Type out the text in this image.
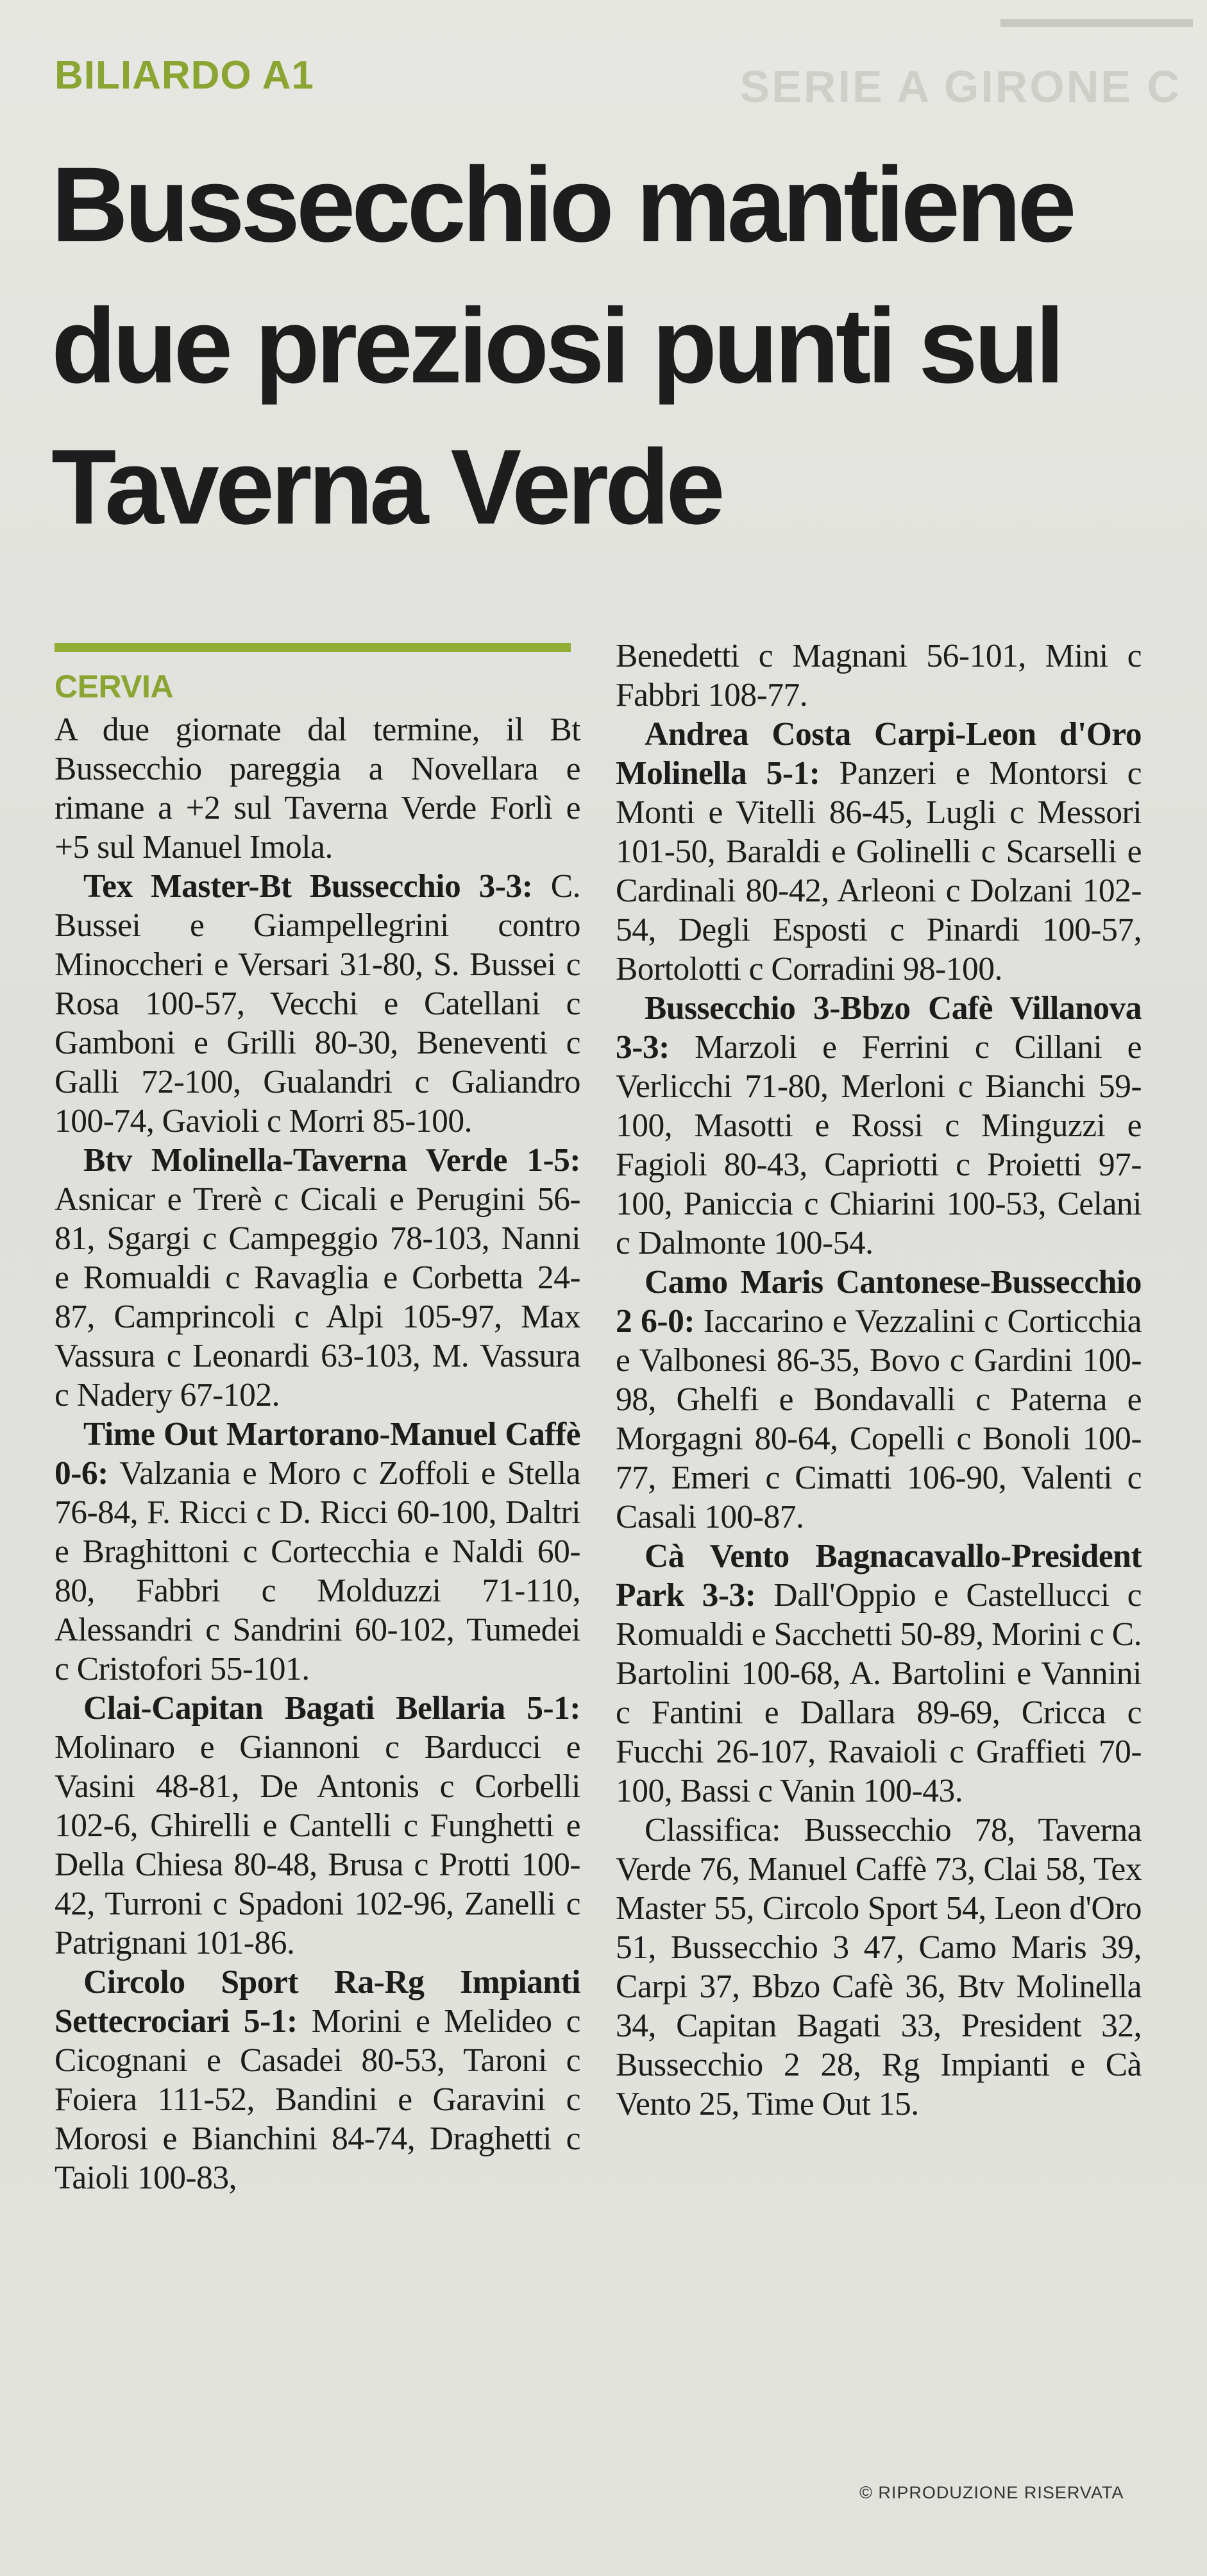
SERIE A GIRONE C
BILIARDO A1
Bussecchio mantiene due preziosi punti sul Taverna Verde
CERVIA

A due giornate dal termine, il Bt Bussecchio pareggia a Novellara e rimane a +2 sul Taverna Verde Forlì e +5 sul Manuel Imola.

Tex Master-Bt Bussecchio 3-3: C. Bussei e Giampellegrini contro Minoccheri e Versari 31-80, S. Bussei c Rosa 100-57, Vecchi e Catellani c Gamboni e Grilli 80-30, Beneventi c Galli 72-100, Gualandri c Galiandro 100-74, Gavioli c Morri 85-100.

Btv Molinella-Taverna Verde 1-5: Asnicar e Trerè c Cicali e Perugini 56-81, Sgargi c Campeggio 78-103, Nanni e Romualdi c Ravaglia e Corbetta 24-87, Camprincoli c Alpi 105-97, Max Vassura c Leonardi 63-103, M. Vassura c Nadery 67-102.

Time Out Martorano-Manuel Caffè 0-6: Valzania e Moro c Zoffoli e Stella 76-84, F. Ricci c D. Ricci 60-100, Daltri e Braghittoni c Cortecchia e Naldi 60-80, Fabbri c Molduzzi 71-110, Alessandri c Sandrini 60-102, Tumedei c Cristofori 55-101.

Clai-Capitan Bagati Bellaria 5-1: Molinaro e Giannoni c Barducci e Vasini 48-81, De Antonis c Corbelli 102-6, Ghirelli e Cantelli c Funghetti e Della Chiesa 80-48, Brusa c Protti 100-42, Turroni c Spadoni 102-96, Zanelli c Patrignani 101-86.

Circolo Sport Ra-Rg Impianti Settecrociari 5-1: Morini e Melideo c Cicognani e Casadei 80-53, Taroni c Foiera 111-52, Bandini e Garavini c Morosi e Bianchini 84-74, Draghetti c Taioli 100-83,

Benedetti c Magnani 56-101, Mini c Fabbri 108-77.

Andrea Costa Carpi-Leon d'Oro Molinella 5-1: Panzeri e Montorsi c Monti e Vitelli 86-45, Lugli c Messori 101-50, Baraldi e Golinelli c Scarselli e Cardinali 80-42, Arleoni c Dolzani 102-54, Degli Esposti c Pinardi 100-57, Bortolotti c Corradini 98-100.

Bussecchio 3-Bbzo Cafè Villanova 3-3: Marzoli e Ferrini c Cillani e Verlicchi 71-80, Merloni c Bianchi 59-100, Masotti e Rossi c Minguzzi e Fagioli 80-43, Capriotti c Proietti 97-100, Paniccia c Chiarini 100-53, Celani c Dalmonte 100-54.

Camo Maris Cantonese-Bussecchio 2 6-0: Iaccarino e Vezzalini c Corticchia e Valbonesi 86-35, Bovo c Gardini 100-98, Ghelfi e Bondavalli c Paterna e Morgagni 80-64, Copelli c Bonoli 100-77, Emeri c Cimatti 106-90, Valenti c Casali 100-87.

Cà Vento Bagnacavallo-President Park 3-3: Dall'Oppio e Castellucci c Romualdi e Sacchetti 50-89, Morini c C. Bartolini 100-68, A. Bartolini e Vannini c Fantini e Dallara 89-69, Cricca c Fucchi 26-107, Ravaioli c Graffieti 70-100, Bassi c Vanin 100-43.

Classifica: Bussecchio 78, Taverna Verde 76, Manuel Caffè 73, Clai 58, Tex Master 55, Circolo Sport 54, Leon d'Oro 51, Bussecchio 3 47, Camo Maris 39, Carpi 37, Bbzo Cafè 36, Btv Molinella 34, Capitan Bagati 33, President 32, Bussecchio 2 28, Rg Impianti e Cà Vento 25, Time Out 15.

© RIPRODUZIONE RISERVATA
